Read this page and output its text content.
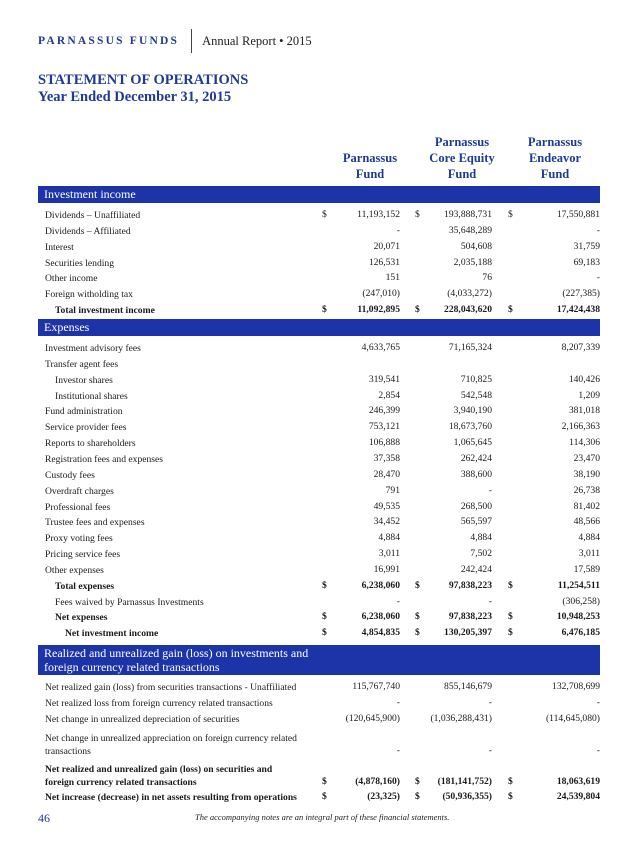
PARNASSUS FUNDS Annual Report • 2015
STATEMENT OF OPERATIONS
Year Ended December 31, 2015
Parnassus
Fund
Parnassus
Core Equity
Fund
Parnassus
Endeavor
Fund
Investment income
Dividends – Unaffiliated	$	11,193,152 $	193,888,731 $	17,550,881
Dividends – Affiliated	-	35,648,289	-
Interest	20,071	504,608	31,759
Securities lending	126,531	2,035,188	69,183
Other income	151	76	-
Foreign witholding tax	(247,010)	(4,033,272)	(227,385)
Total investment income	$	11,092,895 $	228,043,620 $	17,424,438
Expenses
Investment advisory fees	4,633,765	71,165,324	8,207,339
Transfer agent fees
Investor shares	319,541	710,825	140,426
Institutional shares	2,854	542,548	1,209
Fund administration	246,399	3,940,190	381,018
Service provider fees	753,121	18,673,760	2,166,363
Reports to shareholders	106,888	1,065,645	114,306
Registration fees and expenses	37,358	262,424	23,470
Custody fees	28,470	388,600	38,190
Overdraft charges	791	-	26,738
Professional fees	49,535	268,500	81,402
Trustee fees and expenses	34,452	565,597	48,566
Proxy voting fees	4,884	4,884	4,884
Pricing service fees	3,011	7,502	3,011
Other expenses	16,991	242,424	17,589
Total expenses	$	6,238,060 $	97,838,223 $	11,254,511
Fees waived by Parnassus Investments	-	-	(306,258)
Net expenses	$	6,238,060 $	97,838,223 $	10,948,253
Net investment income	$	4,854,835 $	130,205,397 $	6,476,185
Realized and unrealized gain (loss) on investments and
foreign currency related transactions
Net realized gain (loss) from securities transactions - Unaffiliated	115,767,740	855,146,679	132,708,699
Net realized loss from foreign currency related transactions	-	-	-
Net change in unrealized depreciation of securities	(120,645,900)	(1,036,288,431)	(114,645,080)
Net change in unrealized appreciation on foreign currency related
transactions	-	-	-
Net realized and unrealized gain (loss) on securities and
foreign currency related transactions	$	(4,878,160) $ (181,141,752) $	18,063,619
Net increase (decrease) in net assets resulting from operations	$	(23,325) $ (50,936,355) $	24,539,804
46	The accompanying notes are an integral part of these financial statements.
